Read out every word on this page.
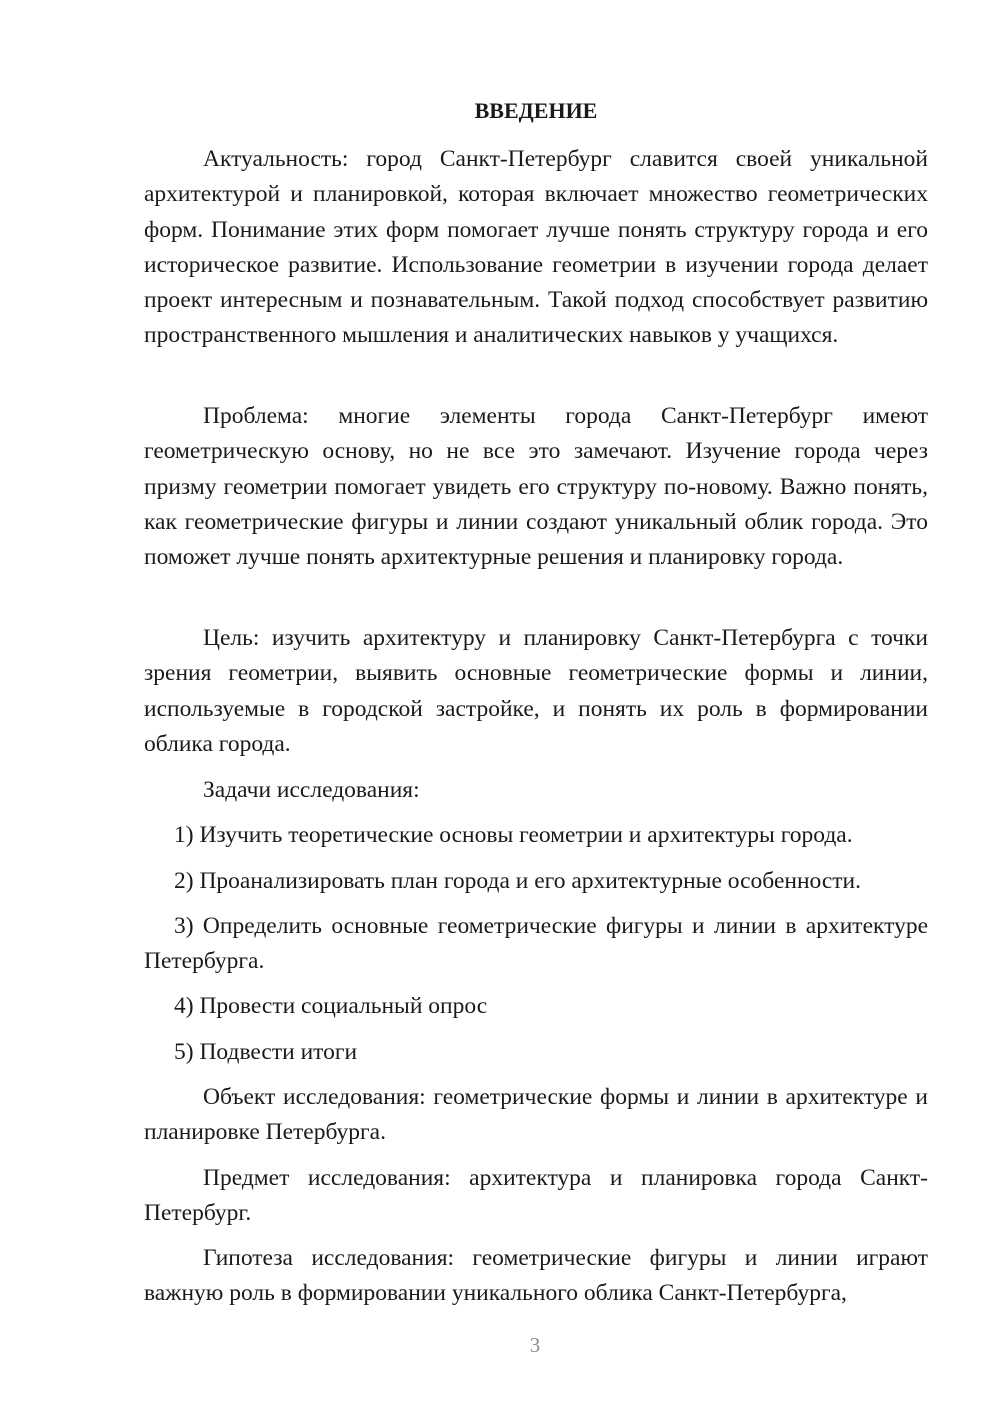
ВВЕДЕНИЕ

Актуальность: город Санкт-Петербург славится своей уникальной архитектурой и планировкой, которая включает множество геометрических форм. Понимание этих форм помогает лучше понять структуру города и его историческое развитие. Использование геометрии в изучении города делает проект интересным и познавательным. Такой подход способствует развитию пространственного мышления и аналитических навыков у учащихся.

Проблема: многие элементы города Санкт-Петербург имеют геометрическую основу, но не все это замечают. Изучение города через призму геометрии помогает увидеть его структуру по-новому. Важно понять, как геометрические фигуры и линии создают уникальный облик города. Это поможет лучше понять архитектурные решения и планировку города.

Цель: изучить архитектуру и планировку Санкт-Петербурга с точки зрения геометрии, выявить основные геометрические формы и линии, используемые в городской застройке, и понять их роль в формировании облика города.

Задачи исследования:

1) Изучить теоретические основы геометрии и архитектуры города.

2) Проанализировать план города и его архитектурные особенности.

3) Определить основные геометрические фигуры и линии в архитектуре Петербурга.

4) Провести социальный опрос

5) Подвести итоги

Объект исследования: геометрические формы и линии в архитектуре и планировке Петербурга.

Предмет исследования: архитектура и планировка города Санкт-Петербург.

Гипотеза исследования: геометрические фигуры и линии играют важную роль в формировании уникального облика Санкт-Петербурга,

3
